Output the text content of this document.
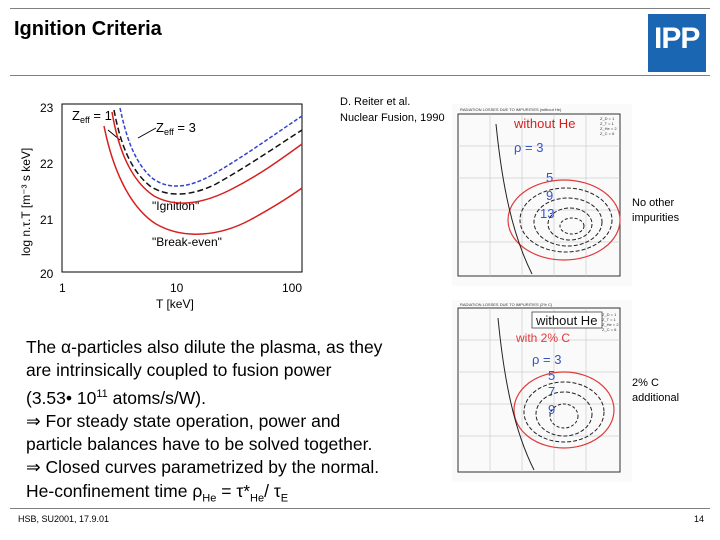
Ignition Criteria	IPP
D. Reiter et al.
Nuclear Fusion, 1990
23
22
21
20
1	10	100
T [keV]
log n.τ.T [m⁻³ s keV]
$Z_{eff} = 1$
$Z_{eff} = 3$
"Ignition"
"Break-even"
RADIATION LOSSES DUE TO IMPURITIES (without He)
without He
ρ = 3
5
9
13
Z_D = 1
Z_T = 1
Z_He = 2
Z_C = 6
No other
impurities
RADIATION LOSSES DUE TO IMPURITIES (2% C)
without He
with 2% C
ρ = 3
5
7
9
Z_D = 1
Z_T = 1
Z_He = 2
Z_C = 6
2% C
additional
The α-particles also dilute the plasma, as they
are intrinsically coupled to fusion power
(3.53• $10^{11}$ atoms/s/W).
⇒ For steady state operation, power and
particle balances have to be solved together.
⇒ Closed curves parametrized by the normal.
He-confinement time $\rho_{He} = \tau*_{He}/$ $\tau_E$
HSB, SU2001, 17.9.01	14
